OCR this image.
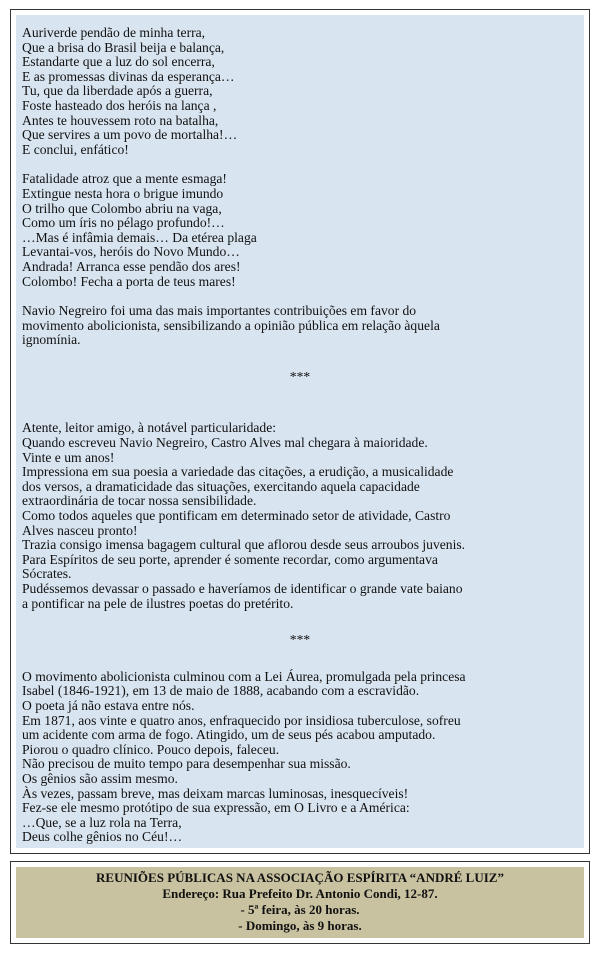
Auriverde pendão de minha terra,
Que a brisa do Brasil beija e balança,
Estandarte que a luz do sol encerra,
E as promessas divinas da esperança…
Tu, que da liberdade após a guerra,
Foste hasteado dos heróis na lança ,
Antes te houvessem roto na batalha,
Que servires a um povo de mortalha!…
E conclui, enfático!
Fatalidade atroz que a mente esmaga!
Extingue nesta hora o brigue imundo
O trilho que Colombo abriu na vaga,
Como um íris no pélago profundo!…
…Mas é infâmia demais… Da etérea plaga
Levantai-vos, heróis do Novo Mundo…
Andrada! Arranca esse pendão dos ares!
Colombo! Fecha a porta de teus mares!
Navio Negreiro foi uma das mais importantes contribuições em favor do
movimento abolicionista, sensibilizando a opinião pública em relação àquela
ignomínia.
***
Atente, leitor amigo, à notável particularidade:
Quando escreveu Navio Negreiro, Castro Alves mal chegara à maioridade.
Vinte e um anos!
Impressiona em sua poesia a variedade das citações, a erudição, a musicalidade
dos versos, a dramaticidade das situações, exercitando aquela capacidade
extraordinária de tocar nossa sensibilidade.
Como todos aqueles que pontificam em determinado setor de atividade, Castro
Alves nasceu pronto!
Trazia consigo imensa bagagem cultural que aflorou desde seus arroubos juvenis.
Para Espíritos de seu porte, aprender é somente recordar, como argumentava
Sócrates.
Pudéssemos devassar o passado e haveríamos de identificar o grande vate baiano
a pontificar na pele de ilustres poetas do pretérito.
***
O movimento abolicionista culminou com a Lei Áurea, promulgada pela princesa
Isabel (1846-1921), em 13 de maio de 1888, acabando com a escravidão.
O poeta já não estava entre nós.
Em 1871, aos vinte e quatro anos, enfraquecido por insidiosa tuberculose, sofreu
um acidente com arma de fogo. Atingido, um de seus pés acabou amputado.
Piorou o quadro clínico. Pouco depois, faleceu.
Não precisou de muito tempo para desempenhar sua missão.
Os gênios são assim mesmo.
Às vezes, passam breve, mas deixam marcas luminosas, inesquecíveis!
Fez-se ele mesmo protótipo de sua expressão, em O Livro e a América:
…Que, se a luz rola na Terra,
Deus colhe gênios no Céu!…
REUNIÕES PÚBLICAS NA ASSOCIAÇÃO ESPÍRITA “ANDRÉ LUIZ”
Endereço: Rua Prefeito Dr. Antonio Condi, 12-87.
- 5ª feira, às 20 horas.
- Domingo, às 9 horas.
